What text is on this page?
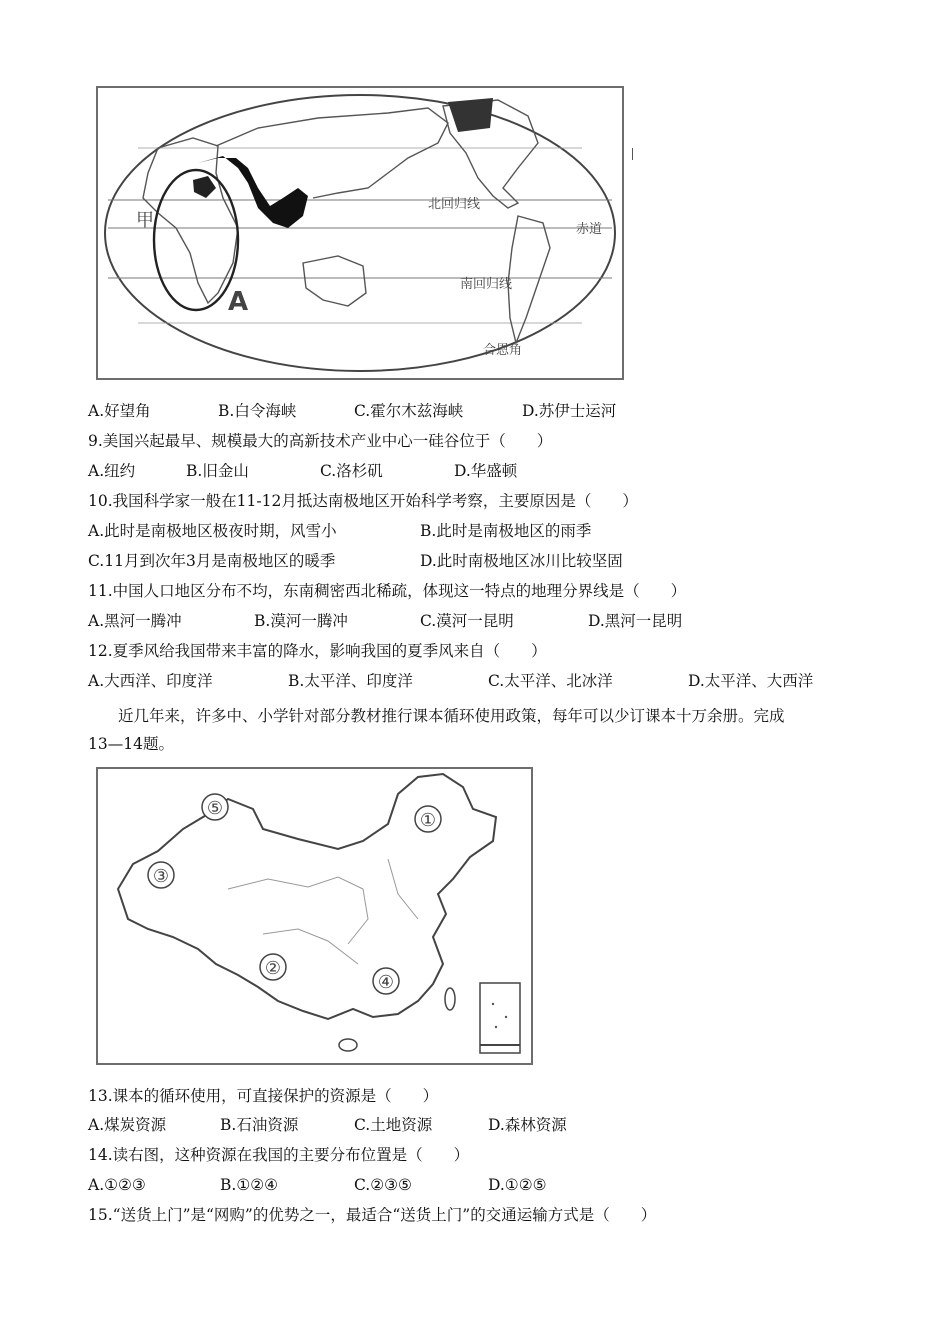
甲
A
北回归线
赤道
南回归线
合恩角
A.好望角	B.白令海峡	C.霍尔木兹海峡	D.苏伊士运河
9.美国兴起最早、规模最大的高新技术产业中心一硅谷位于（　　）
A.纽约	B.旧金山	C.洛杉矶	D.华盛顿
10.我国科学家一般在11-12月抵达南极地区开始科学考察，主要原因是（　　）
A.此时是南极地区极夜时期，风雪小	B.此时是南极地区的雨季
C.11月到次年3月是南极地区的暖季	D.此时南极地区冰川比较坚固
11.中国人口地区分布不均，东南稠密西北稀疏，体现这一特点的地理分界线是（　　）
A.黑河一腾冲	B.漠河一腾冲	C.漠河一昆明	D.黑河一昆明
12.夏季风给我国带来丰富的降水，影响我国的夏季风来自（　　）
A.大西洋、印度洋	B.太平洋、印度洋	C.太平洋、北冰洋	D.太平洋、大西洋
近几年来，许多中、小学针对部分教材推行课本循环使用政策，每年可以少订课本十万余册。完成
13—14题。
①
②
③
④
⑤
13.课本的循环使用，可直接保护的资源是（　　）
A.煤炭资源	B.石油资源	C.土地资源	D.森林资源
14.读右图，这种资源在我国的主要分布位置是（　　）
A.①②③	B.①②④	C.②③⑤	D.①②⑤
15.“送货上门”是“网购”的优势之一，最适合“送货上门”的交通运输方式是（　　）
